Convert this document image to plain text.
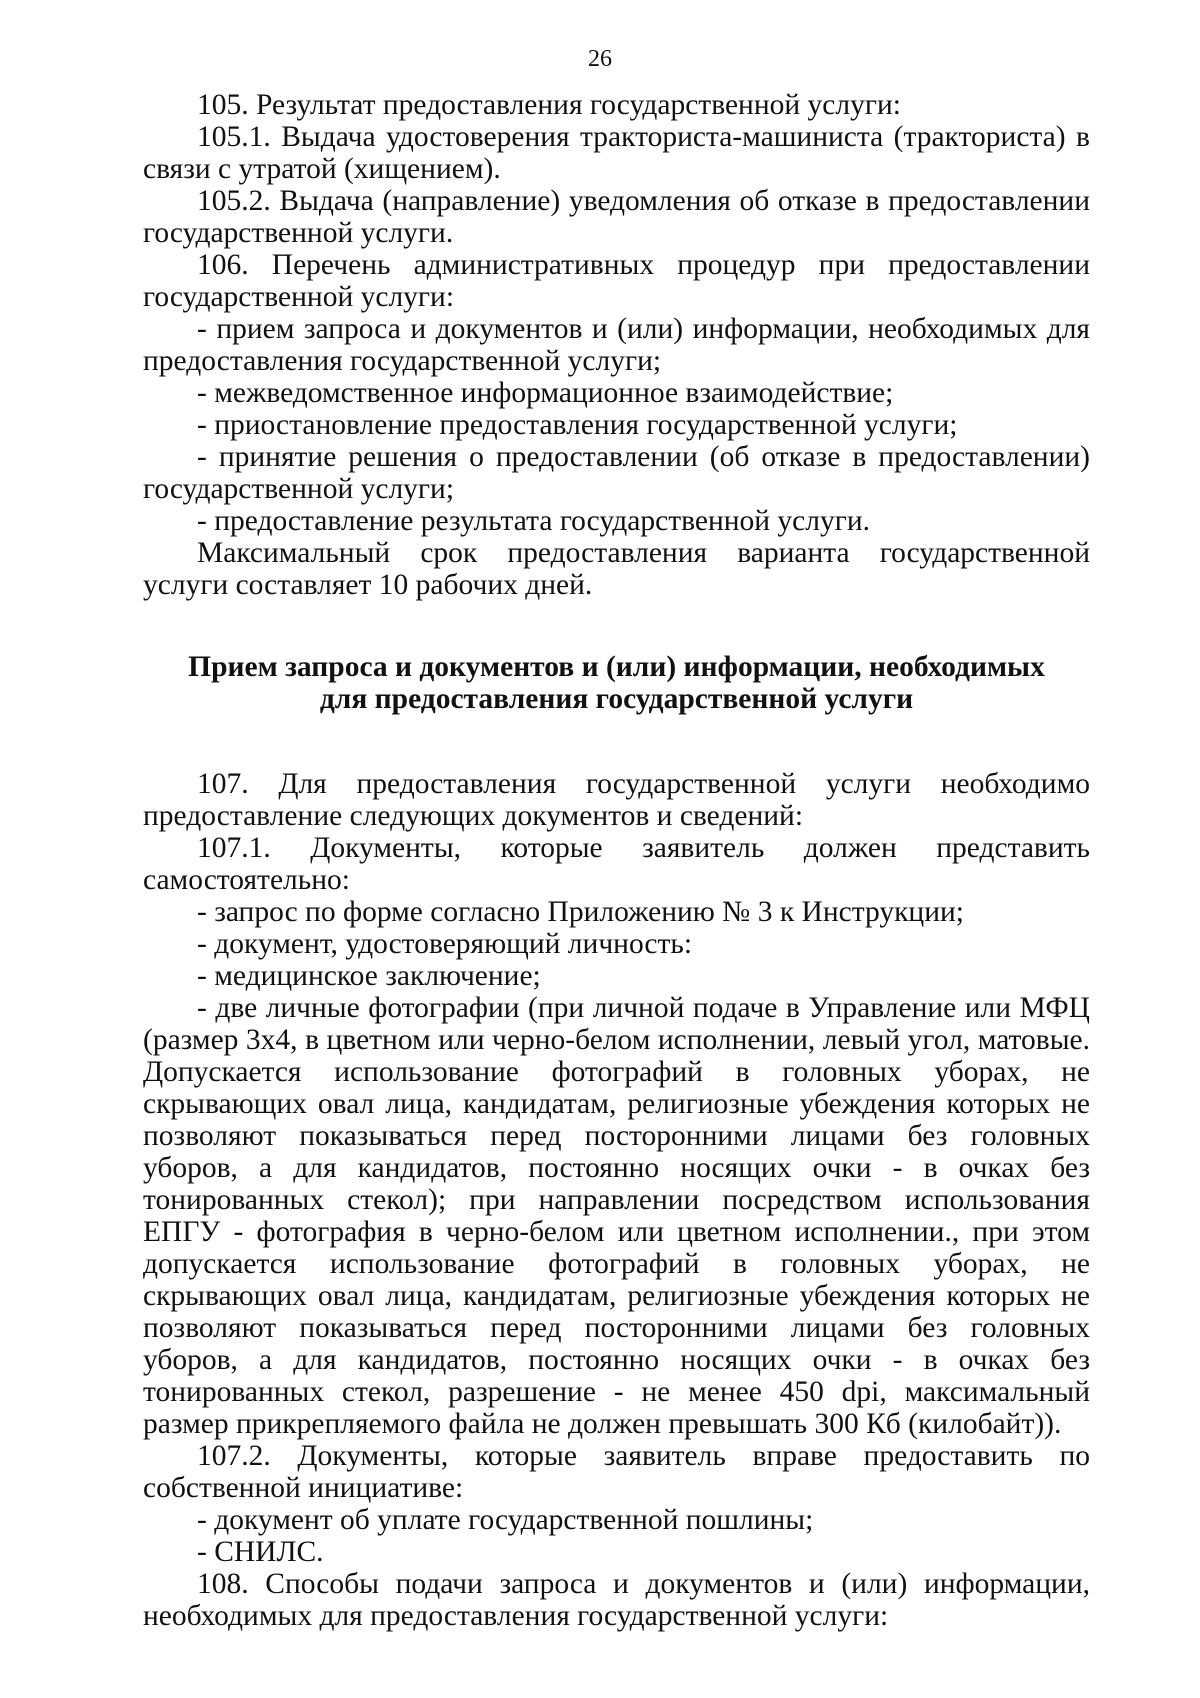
26

105. Результат предоставления государственной услуги:

105.1. Выдача удостоверения тракториста-машиниста (тракториста) в связи с утратой (хищением).

105.2. Выдача (направление) уведомления об отказе в предоставлении государственной услуги.

106. Перечень административных процедур при предоставлении государственной услуги:

- прием запроса и документов и (или) информации, необходимых для предоставления государственной услуги;

- межведомственное информационное взаимодействие;

- приостановление предоставления государственной услуги;

- принятие решения о предоставлении (об отказе в предоставлении) государственной услуги;

- предоставление результата государственной услуги.

Максимальный срок предоставления варианта государственной услуги составляет 10 рабочих дней.

Прием запроса и документов и (или) информации, необходимых
для предоставления государственной услуги

107. Для предоставления государственной услуги необходимо предоставление следующих документов и сведений:

107.1. Документы, которые заявитель должен представить самостоятельно:

- запрос по форме согласно Приложению № 3 к Инструкции;

- документ, удостоверяющий личность:

- медицинское заключение;

- две личные фотографии (при личной подаче в Управление или МФЦ (размер 3x4, в цветном или черно-белом исполнении, левый угол, матовые. Допускается использование фотографий в головных уборах, не скрывающих овал лица, кандидатам, религиозные убеждения которых не позволяют показываться перед посторонними лицами без головных уборов, а для кандидатов, постоянно носящих очки - в очках без тонированных стекол); при направлении посредством использования ЕПГУ - фотография в черно-белом или цветном исполнении., при этом допускается использование фотографий в головных уборах, не скрывающих овал лица, кандидатам, религиозные убеждения которых не позволяют показываться перед посторонними лицами без головных уборов, а для кандидатов, постоянно носящих очки - в очках без тонированных стекол, разрешение - не менее 450 dpi, максимальный размер прикрепляемого файла не должен превышать 300 Кб (килобайт)).

107.2. Документы, которые заявитель вправе предоставить по собственной инициативе:

- документ об уплате государственной пошлины;

- СНИЛС.

108. Способы подачи запроса и документов и (или) информации, необходимых для предоставления государственной услуги:
